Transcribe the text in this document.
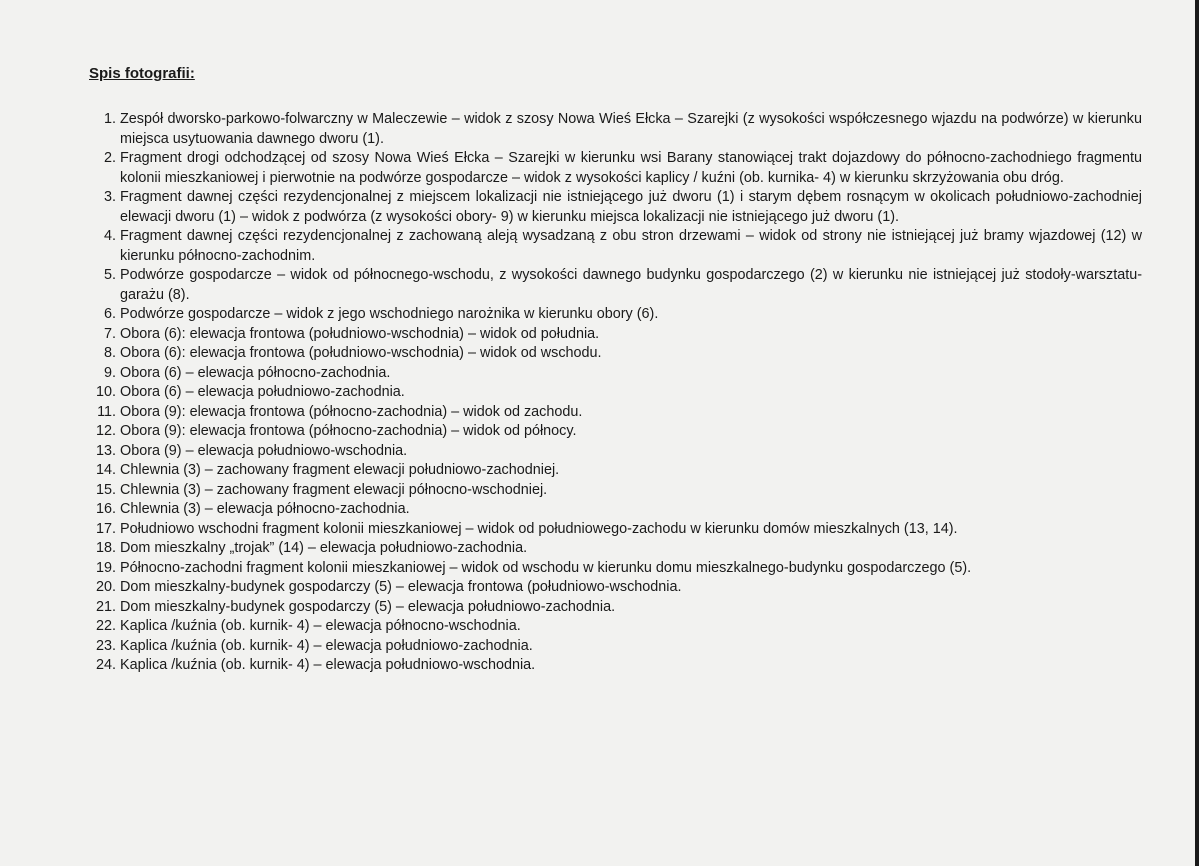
Spis fotografii:
1. Zespół dworsko-parkowo-folwarczny w Maleczewie – widok z szosy Nowa Wieś Ełcka – Szarejki (z wysokości współczesnego wjazdu na podwórze) w kierunku miejsca usytuowania dawnego dworu (1).
2. Fragment drogi odchodzącej od szosy Nowa Wieś Ełcka – Szarejki w kierunku wsi Barany stanowiącej trakt dojazdowy do północno-zachodniego fragmentu kolonii mieszkaniowej i pierwotnie na podwórze gospodarcze – widok z wysokości kaplicy / kuźni (ob. kurnika- 4) w kierunku skrzyżowania obu dróg.
3. Fragment dawnej części rezydencjonalnej z miejscem lokalizacji nie istniejącego już dworu (1) i starym dębem rosnącym w okolicach południowo-zachodniej elewacji dworu (1) – widok z podwórza (z wysokości obory- 9) w kierunku miejsca lokalizacji nie istniejącego już dworu (1).
4. Fragment dawnej części rezydencjonalnej z zachowaną aleją wysadzaną z obu stron drzewami – widok od strony nie istniejącej już bramy wjazdowej (12) w kierunku północno-zachodnim.
5. Podwórze gospodarcze – widok od północnego-wschodu, z wysokości dawnego budynku gospodarczego (2) w kierunku nie istniejącej już stodoły-warsztatu-garażu (8).
6. Podwórze gospodarcze – widok z jego wschodniego narożnika w kierunku obory (6).
7. Obora (6): elewacja frontowa (południowo-wschodnia) – widok od południa.
8. Obora (6): elewacja frontowa (południowo-wschodnia) – widok od wschodu.
9. Obora (6) – elewacja północno-zachodnia.
10. Obora (6) – elewacja południowo-zachodnia.
11. Obora (9): elewacja frontowa (północno-zachodnia) – widok od zachodu.
12. Obora (9): elewacja frontowa (północno-zachodnia) – widok od północy.
13. Obora (9) – elewacja południowo-wschodnia.
14. Chlewnia (3) – zachowany fragment elewacji południowo-zachodniej.
15. Chlewnia (3) – zachowany fragment elewacji północno-wschodniej.
16. Chlewnia (3) – elewacja północno-zachodnia.
17. Południowo wschodni fragment kolonii mieszkaniowej – widok od południowego-zachodu w kierunku domów mieszkalnych (13, 14).
18. Dom mieszkalny „trojak” (14) – elewacja południowo-zachodnia.
19. Północno-zachodni fragment kolonii mieszkaniowej – widok od wschodu w kierunku domu mieszkalnego-budynku gospodarczego (5).
20. Dom mieszkalny-budynek gospodarczy (5) – elewacja frontowa (południowo-wschodnia.
21. Dom mieszkalny-budynek gospodarczy (5) – elewacja południowo-zachodnia.
22. Kaplica /kuźnia (ob. kurnik- 4) – elewacja północno-wschodnia.
23. Kaplica /kuźnia (ob. kurnik- 4) – elewacja południowo-zachodnia.
24. Kaplica /kuźnia (ob. kurnik- 4) – elewacja południowo-wschodnia.
